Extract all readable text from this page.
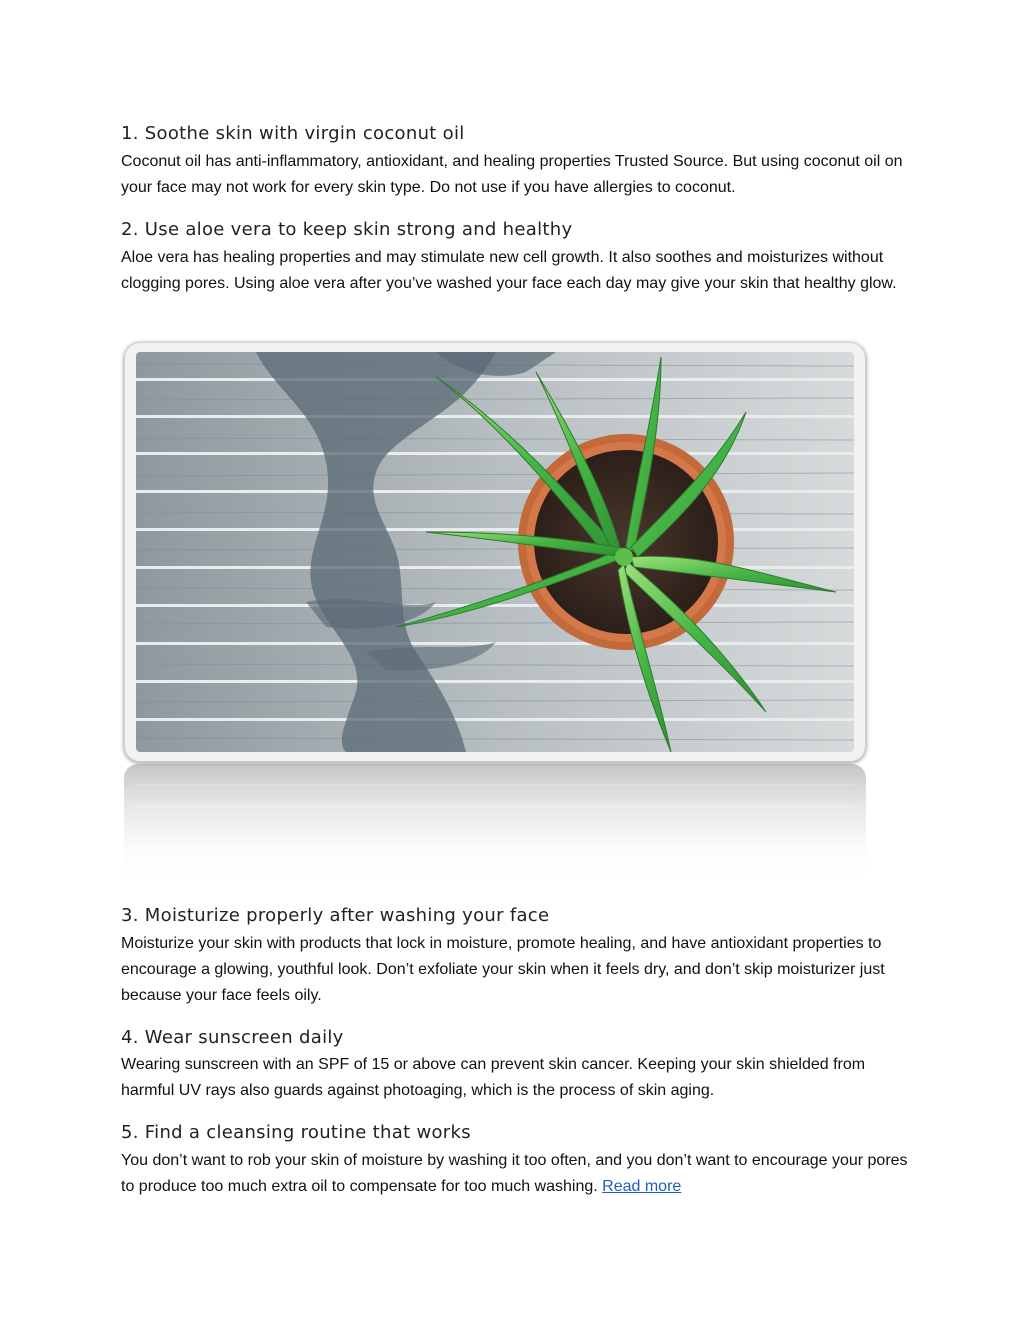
1. Soothe skin with virgin coconut oil

Coconut oil has anti-inflammatory, antioxidant, and healing properties Trusted Source. But using coconut oil on your face may not work for every skin type. Do not use if you have allergies to coconut.

2. Use aloe vera to keep skin strong and healthy

Aloe vera has healing properties and may stimulate new cell growth. It also soothes and moisturizes without clogging pores. Using aloe vera after you’ve washed your face each day may give your skin that healthy glow.

3. Moisturize properly after washing your face

Moisturize your skin with products that lock in moisture, promote healing, and have antioxidant properties to encourage a glowing, youthful look. Don’t exfoliate your skin when it feels dry, and don’t skip moisturizer just because your face feels oily.

4. Wear sunscreen daily

Wearing sunscreen with an SPF of 15 or above can prevent skin cancer. Keeping your skin shielded from harmful UV rays also guards against photoaging, which is the process of skin aging.

5. Find a cleansing routine that works

You don’t want to rob your skin of moisture by washing it too often, and you don’t want to encourage your pores to produce too much extra oil to compensate for too much washing. Read more
